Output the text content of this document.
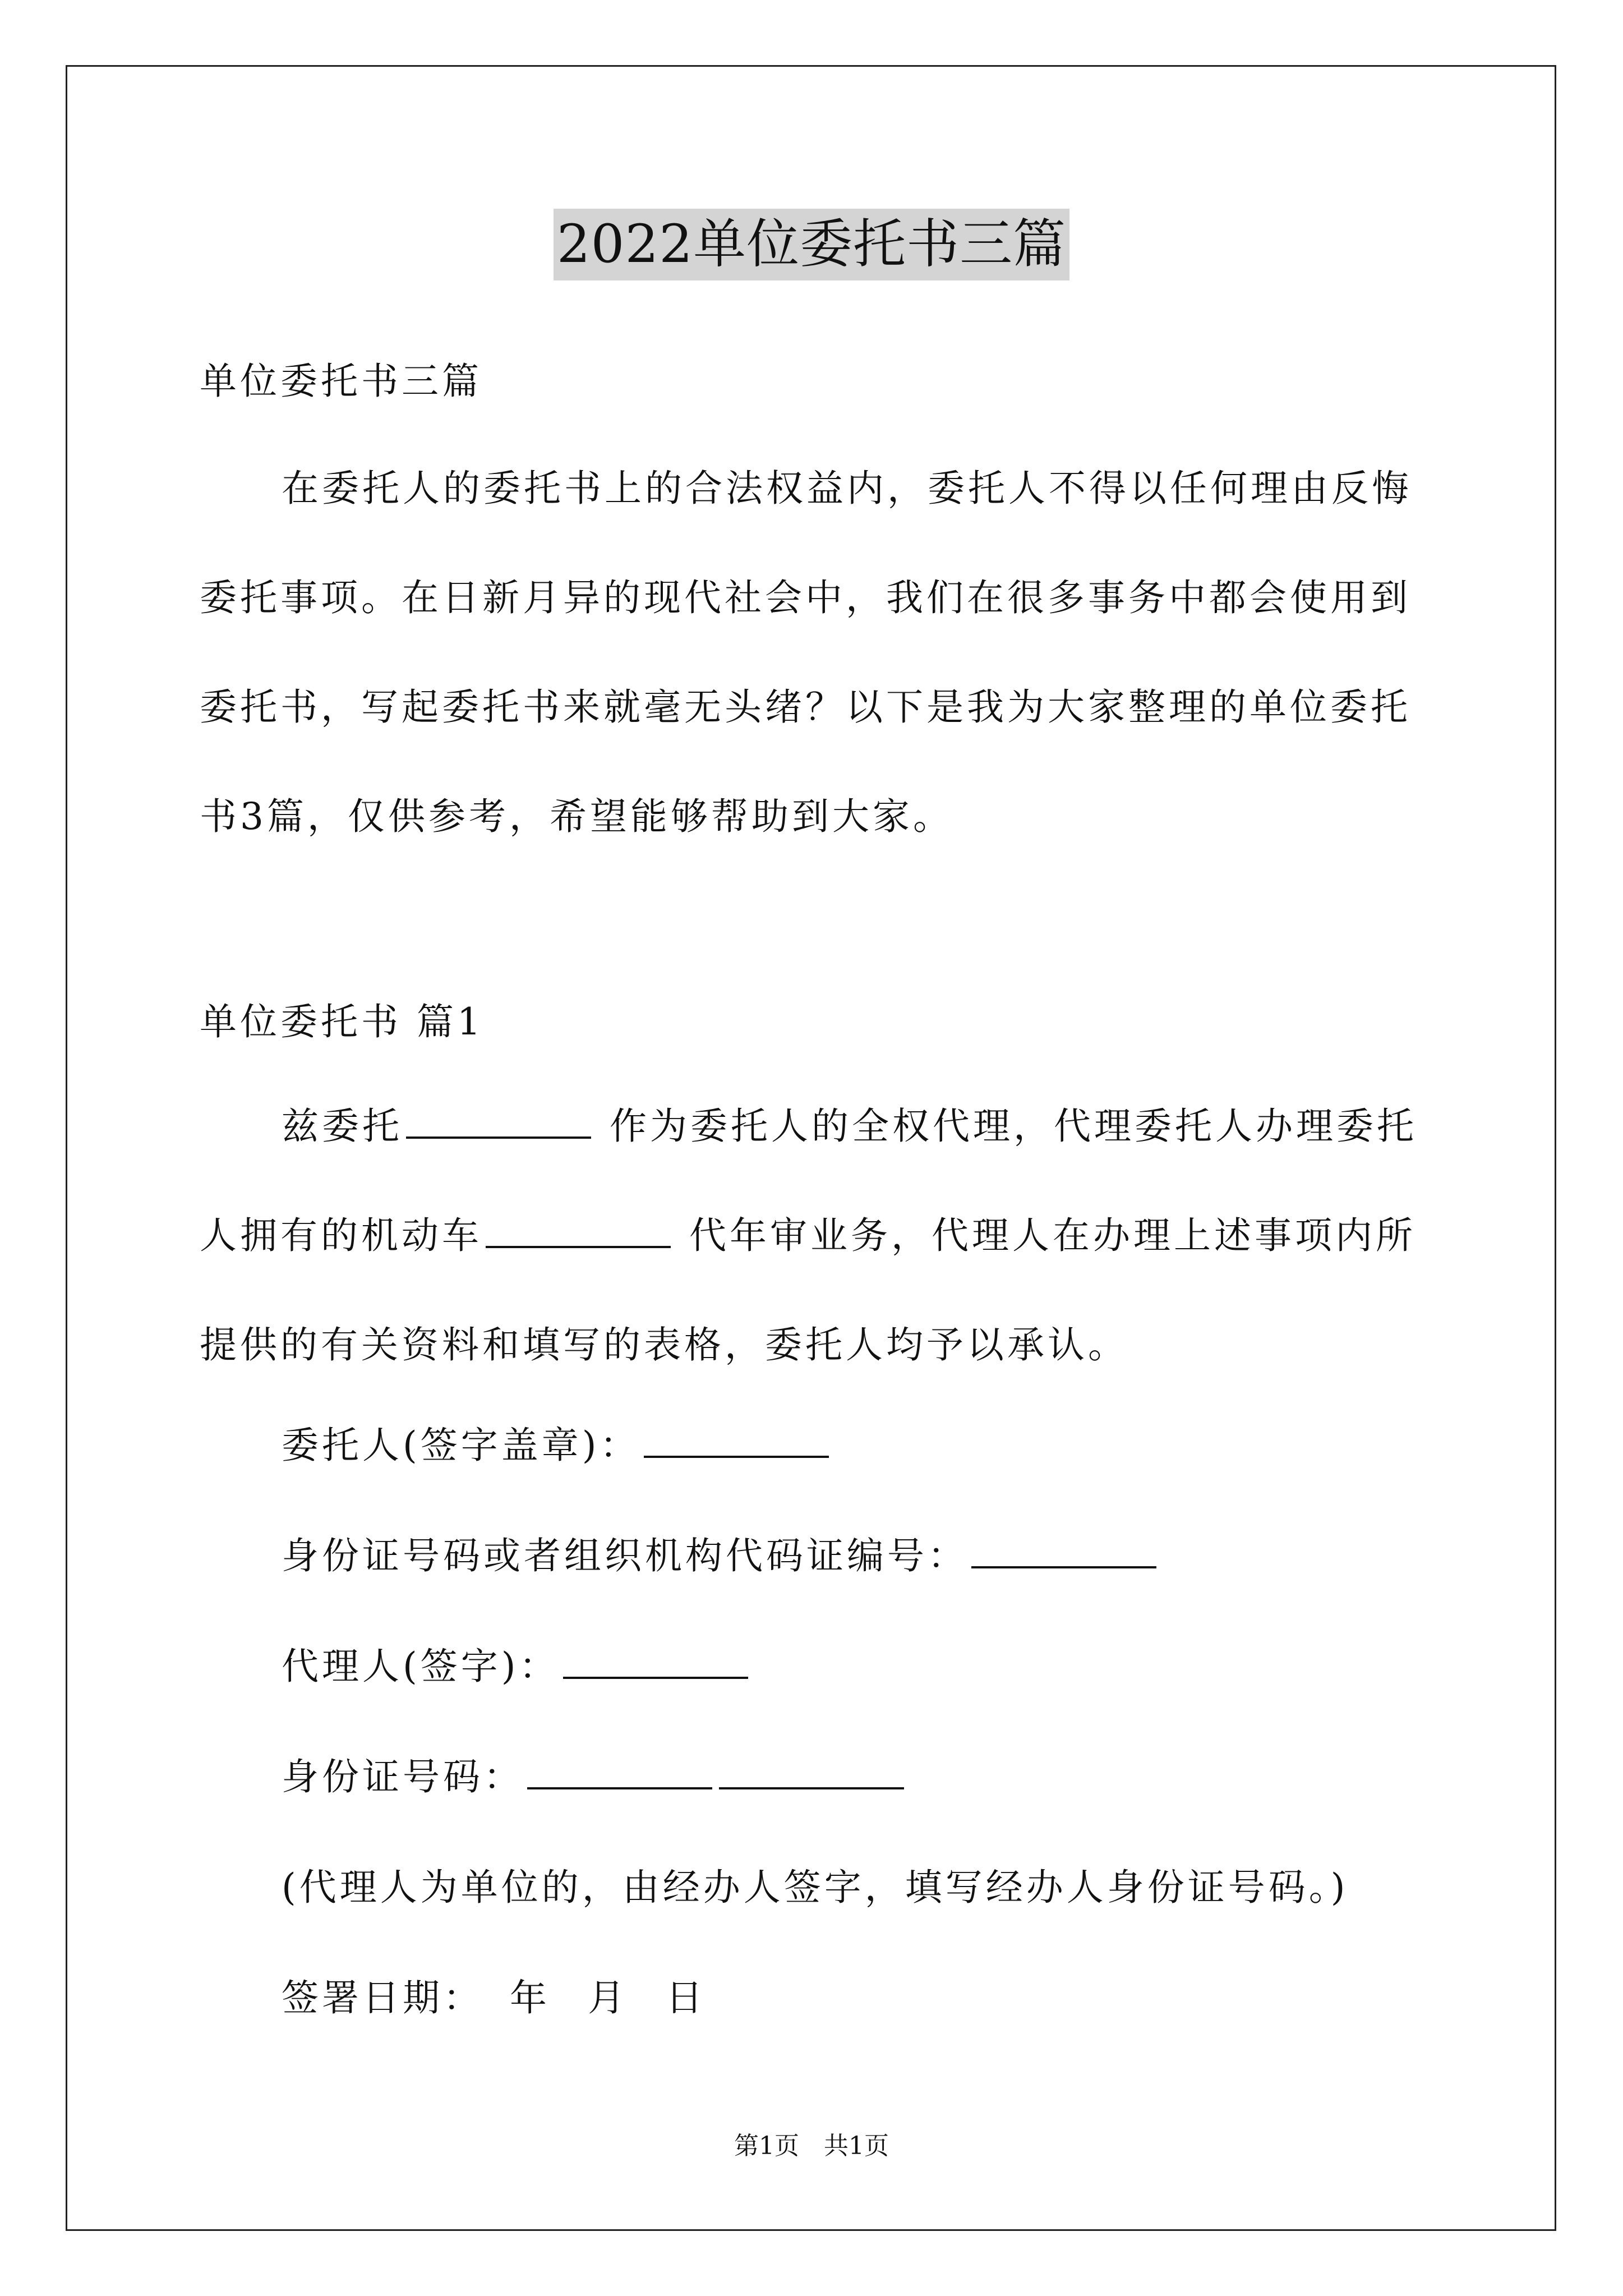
2022单位委托书三篇
单位委托书三篇

在委托人的委托书上的合法权益内，委托人不得以任何理由反悔委托事项。在日新月异的现代社会中，我们在很多事务中都会使用到委托书，写起委托书来就毫无头绪？以下是我为大家整理的单位委托书3篇，仅供参考，希望能够帮助到大家。

单位委托书 篇1

兹委托	作为委托人的全权代理，代理委托人办理委托人拥有的机动车	代年审业务，代理人在办理上述事项内所提供的有关资料和填写的表格，委托人均予以承认。

委托人(签字盖章)：
身份证号码或者组织机构代码证编号：
代理人(签字)：
身份证号码：
(代理人为单位的，由经办人签字，填写经办人身份证号码。)
签署日期： 年 月 日
第1页　共1页
